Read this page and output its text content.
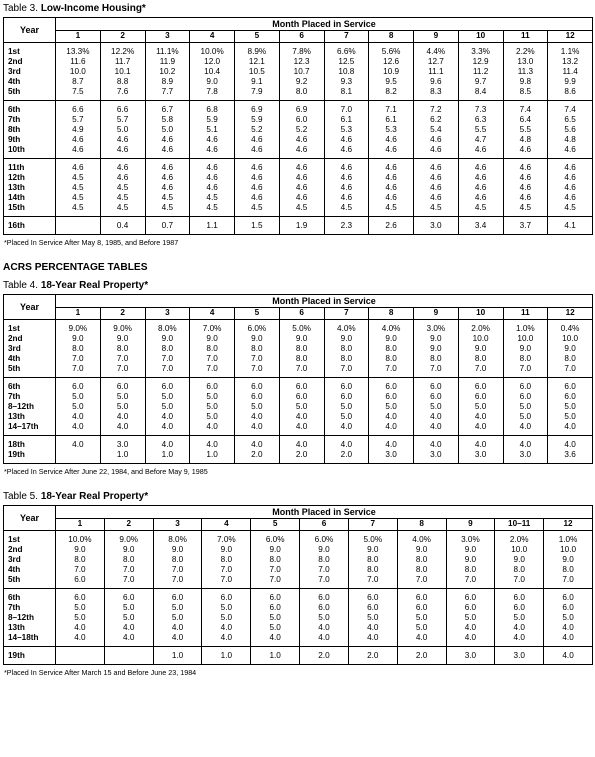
Table 3. Low-Income Housing*
Year	Month Placed in Service											
	1	2	3	4	5	6	7	8	9	10	11	12
1st	13.3%	12.2%	11.1%	10.0%	8.9%	7.8%	6.6%	5.6%	4.4%	3.3%	2.2%	1.1%
2nd	11.6	11.7	11.9	12.0	12.1	12.3	12.5	12.6	12.7	12.9	13.0	13.2
3rd	10.0	10.1	10.2	10.4	10.5	10.7	10.8	10.9	11.1	11.2	11.3	11.4
4th	8.7	8.8	8.9	9.0	9.1	9.2	9.3	9.5	9.6	9.7	9.8	9.9
5th	7.5	7.6	7.7	7.8	7.9	8.0	8.1	8.2	8.3	8.4	8.5	8.6
6th	6.6	6.6	6.7	6.8	6.9	6.9	7.0	7.1	7.2	7.3	7.4	7.4
7th	5.7	5.7	5.8	5.9	5.9	6.0	6.1	6.1	6.2	6.3	6.4	6.5
8th	4.9	5.0	5.0	5.1	5.2	5.2	5.3	5.3	5.4	5.5	5.5	5.6
9th	4.6	4.6	4.6	4.6	4.6	4.6	4.6	4.6	4.6	4.7	4.8	4.8
10th	4.6	4.6	4.6	4.6	4.6	4.6	4.6	4.6	4.6	4.6	4.6	4.6
11th	4.6	4.6	4.6	4.6	4.6	4.6	4.6	4.6	4.6	4.6	4.6	4.6
12th	4.5	4.6	4.6	4.6	4.6	4.6	4.6	4.6	4.6	4.6	4.6	4.6
13th	4.5	4.5	4.6	4.6	4.6	4.6	4.6	4.6	4.6	4.6	4.6	4.6
14th	4.5	4.5	4.5	4.5	4.6	4.6	4.6	4.6	4.6	4.6	4.6	4.6
15th	4.5	4.5	4.5	4.5	4.5	4.5	4.5	4.5	4.5	4.5	4.5	4.5
16th		0.4	0.7	1.1	1.5	1.9	2.3	2.6	3.0	3.4	3.7	4.1
*Placed In Service After May 8, 1985, and Before 1987
ACRS PERCENTAGE TABLES
Table 4. 18-Year Real Property*
Year	Month Placed in Service											
	1	2	3	4	5	6	7	8	9	10	11	12
1st	9.0%	9.0%	8.0%	7.0%	6.0%	5.0%	4.0%	4.0%	3.0%	2.0%	1.0%	0.4%
2nd	9.0	9.0	9.0	9.0	9.0	9.0	9.0	9.0	9.0	10.0	10.0	10.0
3rd	8.0	8.0	8.0	8.0	8.0	8.0	8.0	8.0	9.0	9.0	9.0	9.0
4th	7.0	7.0	7.0	7.0	7.0	8.0	8.0	8.0	8.0	8.0	8.0	8.0
5th	7.0	7.0	7.0	7.0	7.0	7.0	7.0	7.0	7.0	7.0	7.0	7.0
6th	6.0	6.0	6.0	6.0	6.0	6.0	6.0	6.0	6.0	6.0	6.0	6.0
7th	5.0	5.0	5.0	5.0	6.0	6.0	6.0	6.0	6.0	6.0	6.0	6.0
8–12th	5.0	5.0	5.0	5.0	5.0	5.0	5.0	5.0	5.0	5.0	5.0	5.0
13th	4.0	4.0	4.0	5.0	4.0	4.0	5.0	4.0	4.0	4.0	5.0	5.0
14–17th	4.0	4.0	4.0	4.0	4.0	4.0	4.0	4.0	4.0	4.0	4.0	4.0
18th	4.0	3.0	4.0	4.0	4.0	4.0	4.0	4.0	4.0	4.0	4.0	4.0
19th		1.0	1.0	1.0	2.0	2.0	2.0	3.0	3.0	3.0	3.0	3.6
*Placed In Service After June 22, 1984, and Before May 9, 1985
Table 5. 18-Year Real Property*
Year	Month Placed in Service										
	1	2	3	4	5	6	7	8	9	10–11	12
1st	10.0%	9.0%	8.0%	7.0%	6.0%	6.0%	5.0%	4.0%	3.0%	2.0%	1.0%
2nd	9.0	9.0	9.0	9.0	9.0	9.0	9.0	9.0	9.0	10.0	10.0
3rd	8.0	8.0	8.0	8.0	8.0	8.0	8.0	8.0	9.0	9.0	9.0
4th	7.0	7.0	7.0	7.0	7.0	7.0	8.0	8.0	8.0	8.0	8.0
5th	6.0	7.0	7.0	7.0	7.0	7.0	7.0	7.0	7.0	7.0	7.0
6th	6.0	6.0	6.0	6.0	6.0	6.0	6.0	6.0	6.0	6.0	6.0
7th	5.0	5.0	5.0	5.0	6.0	6.0	6.0	6.0	6.0	6.0	6.0
8–12th	5.0	5.0	5.0	5.0	5.0	5.0	5.0	5.0	5.0	5.0	5.0
13th	4.0	4.0	4.0	4.0	5.0	4.0	4.0	5.0	4.0	4.0	4.0
14–18th	4.0	4.0	4.0	4.0	4.0	4.0	4.0	4.0	4.0	4.0	4.0
19th			1.0	1.0	1.0	2.0	2.0	2.0	3.0	3.0	4.0
*Placed In Service After March 15 and Before June 23, 1984
